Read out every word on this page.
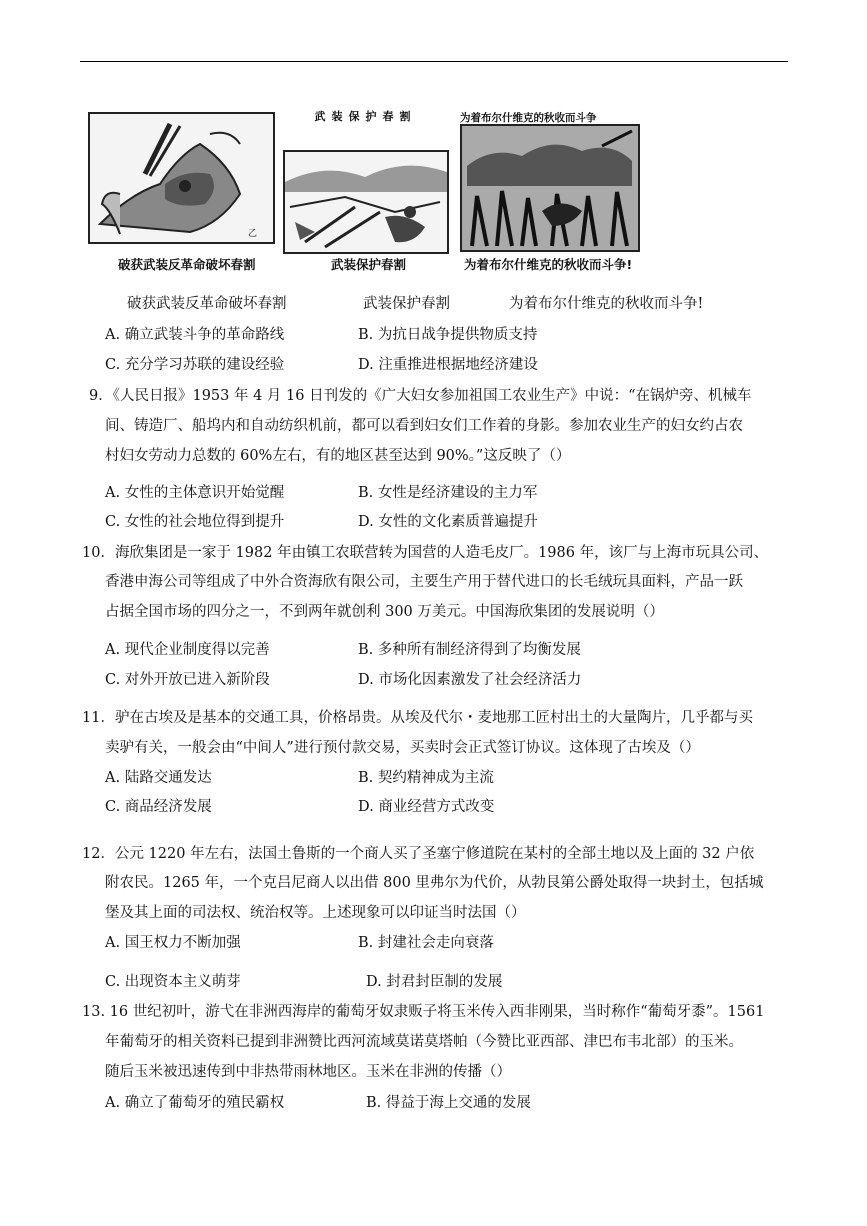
乙
破获武装反革命破坏春割
武装保护春割
武装保护春割
为着布尔什维克的秋收而斗争
为着布尔什维克的秋收而斗争!
破获武装反革命破坏春割	武装保护春割	为着布尔什维克的秋收而斗争!
A. 确立武装斗争的革命路线	B. 为抗日战争提供物质支持
C. 充分学习苏联的建设经验	D. 注重推进根据地经济建设
9．《人民日报》1953 年 4 月 16 日刊发的《广大妇女参加祖国工农业生产》中说：“在锅炉旁、机械车
间、铸造厂、船坞内和自动纺织机前，都可以看到妇女们工作着的身影。参加农业生产的妇女约占农
村妇女劳动力总数的 60%左右，有的地区甚至达到 90%。”这反映了（）
A. 女性的主体意识开始觉醒	B. 女性是经济建设的主力军
C. 女性的社会地位得到提升	D. 女性的文化素质普遍提升
10．海欣集团是一家于 1982 年由镇工农联营转为国营的人造毛皮厂。1986 年，该厂与上海市玩具公司、
香港申海公司等组成了中外合资海欣有限公司，主要生产用于替代进口的长毛绒玩具面料，产品一跃
占据全国市场的四分之一，不到两年就创利 300 万美元。中国海欣集团的发展说明（）
A. 现代企业制度得以完善	B. 多种所有制经济得到了均衡发展
C. 对外开放已进入新阶段	D. 市场化因素激发了社会经济活力
11．驴在古埃及是基本的交通工具，价格昂贵。从埃及代尔・麦地那工匠村出土的大量陶片，几乎都与买
卖驴有关，一般会由“中间人”进行预付款交易，买卖时会正式签订协议。这体现了古埃及（）
A. 陆路交通发达	B. 契约精神成为主流
C. 商品经济发展	D. 商业经营方式改变
12．公元 1220 年左右，法国土鲁斯的一个商人买了圣塞宁修道院在某村的全部土地以及上面的 32 户依
附农民。1265 年，一个克吕尼商人以出借 800 里弗尔为代价，从勃艮第公爵处取得一块封土，包括城
堡及其上面的司法权、统治权等。上述现象可以印证当时法国（）
A. 国王权力不断加强	B. 封建社会走向衰落
C. 出现资本主义萌芽	D. 封君封臣制的发展
13. 16 世纪初叶，游弋在非洲西海岸的葡萄牙奴隶贩子将玉米传入西非刚果，当时称作“葡萄牙黍”。1561
年葡萄牙的相关资料已提到非洲赞比西河流域莫诺莫塔帕（今赞比亚西部、津巴布韦北部）的玉米。
随后玉米被迅速传到中非热带雨林地区。玉米在非洲的传播（）
A. 确立了葡萄牙的殖民霸权	B. 得益于海上交通的发展
